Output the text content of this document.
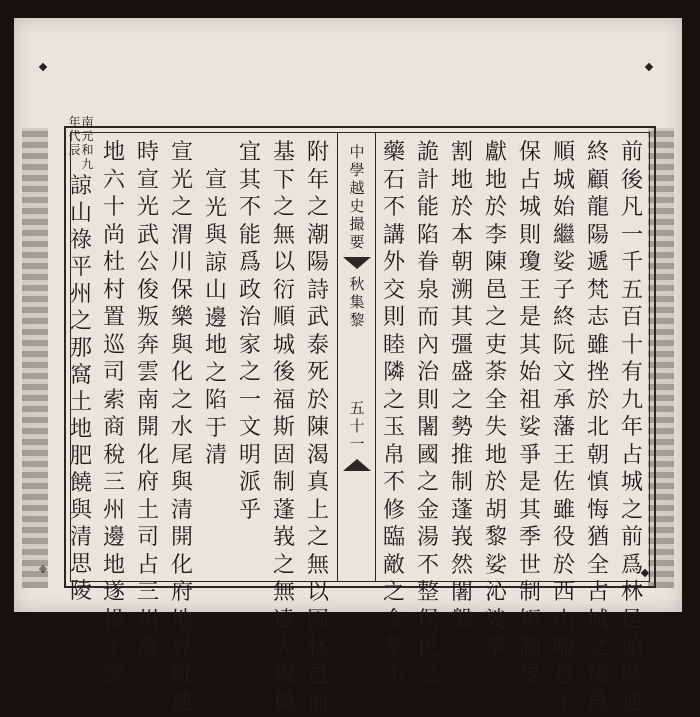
前
後
凡
一
千
五
百
十
有
九
年
占
城
之
前
爲
林
邑
始
區
連
終
顧
龍
陽
遞
梵
志
雖
挫
於
北
朝
慎
悔
猶
全
占
城
之
後
爲
順
城
始
繼
娑
子
終
阮
文
承
藩
王
佐
雖
役
於
西
山
喘
息
不
保
占
城
則
瓊
王
是
其
始
祖
娑
爭
是
其
季
世
制
矩
制
旻
獻
地
於
李
陳
邑
之
吏
荼
全
失
地
於
胡
黎
娑
沁
娑
爭
割
地
於
本
朝
溯
其
彊
盛
之
勢
推
制
蓬
峩
然
闍
槃
詭
計
能
陷
眷
泉
而
內
治
則
闍
國
之
金
湯
不
整
保
民
之
藥
石
不
講
外
交
則
睦
隣
之
玉
帛
不
修
臨
敵
之
金
革
不
中
學
越
史
撮
要
秋
集
黎
五
十
一
附
年
之
潮
陽
詩
武
泰
死
於
陳
渴
真
上
之
無
以
固
林
邑
前
基
下
之
無
以
衍
順
城
後
福
斯
固
制
蓬
峩
之
無
遠
大
規
模
宜
其
不
能
爲
政
治
家
之
一
文
明
派
乎
宣
光
與
諒
山
邊
地
之
陷
于
清
宣
光
之
渭
川
保
樂
與
化
之
水
尾
與
清
開
化
府
地
界
毗
連
時
宣
光
武
公
俊
叛
奔
雲
南
開
化
府
土
司
占
三
州
邊
地
六
十
尚
杜
村
置
巡
司
索
商
稅
三
州
邊
地
遂
投
于
雲
年
代
辰
南
元
和
九
諒
山
祿
平
州
之
那
窩
土
地
肥
饒
與
清
思
陵
